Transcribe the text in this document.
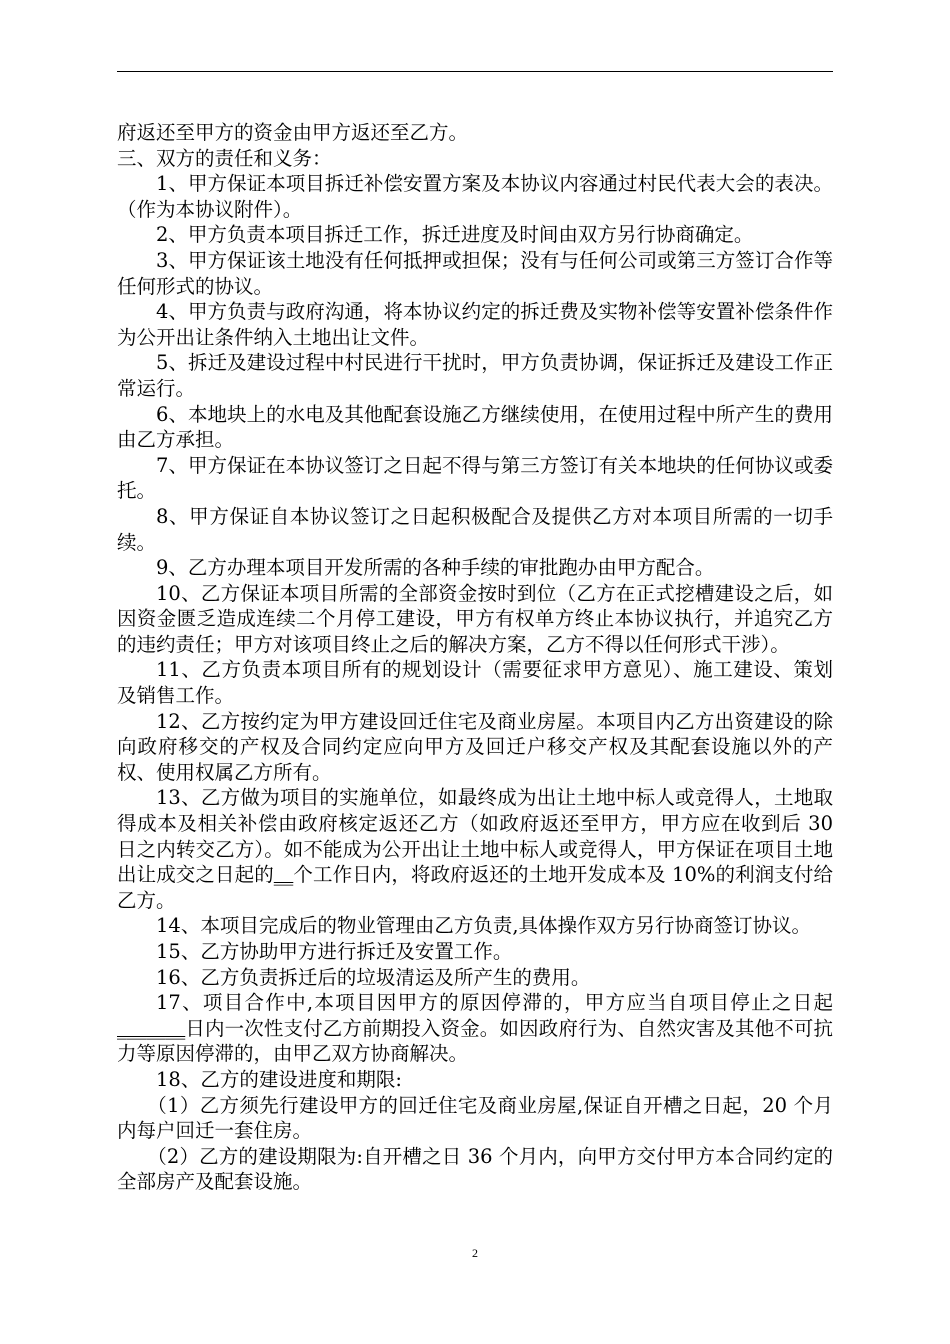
府返还至甲方的资金由甲方返还至乙方。

三、双方的责任和义务：

1、甲方保证本项目拆迁补偿安置方案及本协议内容通过村民代表大会的表决。（作为本协议附件）。

2、甲方负责本项目拆迁工作，拆迁进度及时间由双方另行协商确定。

3、甲方保证该土地没有任何抵押或担保；没有与任何公司或第三方签订合作等任何形式的协议。

4、甲方负责与政府沟通，将本协议约定的拆迁费及实物补偿等安置补偿条件作为公开出让条件纳入土地出让文件。

5、拆迁及建设过程中村民进行干扰时，甲方负责协调，保证拆迁及建设工作正常运行。

6、本地块上的水电及其他配套设施乙方继续使用，在使用过程中所产生的费用由乙方承担。

7、甲方保证在本协议签订之日起不得与第三方签订有关本地块的任何协议或委托。

8、甲方保证自本协议签订之日起积极配合及提供乙方对本项目所需的一切手续。

9、乙方办理本项目开发所需的各种手续的审批跑办由甲方配合。

10、乙方保证本项目所需的全部资金按时到位（乙方在正式挖槽建设之后，如因资金匮乏造成连续二个月停工建设，甲方有权单方终止本协议执行，并追究乙方的违约责任；甲方对该项目终止之后的解决方案，乙方不得以任何形式干涉）。

11、乙方负责本项目所有的规划设计（需要征求甲方意见）、施工建设、策划及销售工作。

12、乙方按约定为甲方建设回迁住宅及商业房屋。本项目内乙方出资建设的除向政府移交的产权及合同约定应向甲方及回迁户移交产权及其配套设施以外的产权、使用权属乙方所有。

13、乙方做为项目的实施单位，如最终成为出让土地中标人或竞得人，土地取得成本及相关补偿由政府核定返还乙方（如政府返还至甲方，甲方应在收到后 30 日之内转交乙方）。如不能成为公开出让土地中标人或竞得人，甲方保证在项目土地出让成交之日起的__个工作日内，将政府返还的土地开发成本及 10%的利润支付给乙方。

14、本项目完成后的物业管理由乙方负责,具体操作双方另行协商签订协议。

15、乙方协助甲方进行拆迁及安置工作。

16、乙方负责拆迁后的垃圾清运及所产生的费用。

17、项目合作中,本项目因甲方的原因停滞的，甲方应当自项目停止之日起_______日内一次性支付乙方前期投入资金。如因政府行为、自然灾害及其他不可抗力等原因停滞的，由甲乙双方协商解决。

18、乙方的建设进度和期限:

（1）乙方须先行建设甲方的回迁住宅及商业房屋,保证自开槽之日起，20 个月内每户回迁一套住房。

（2）乙方的建设期限为:自开槽之日 36 个月内，向甲方交付甲方本合同约定的全部房产及配套设施。

2
